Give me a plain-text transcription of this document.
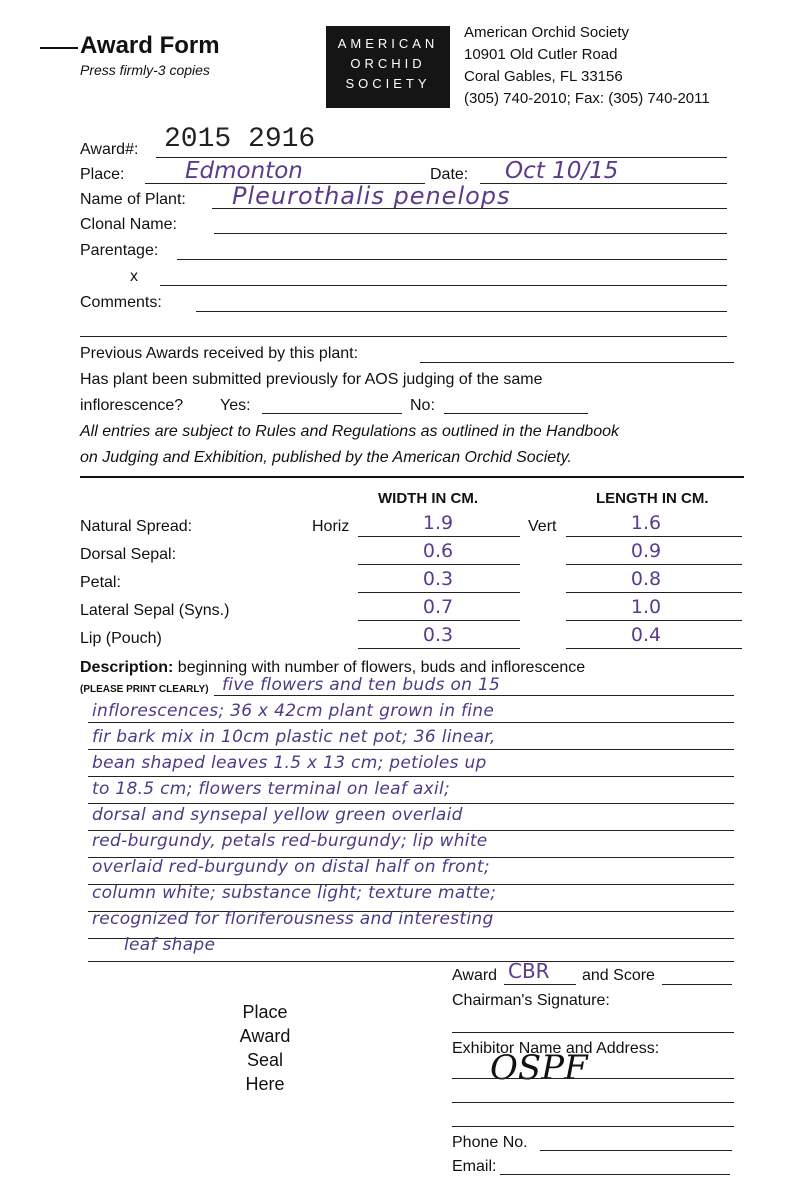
Award Form
Press firmly-3 copies
AMERICAN
ORCHID
SOCIETY
American Orchid Society
10901 Old Cutler Road
Coral Gables, FL 33156
(305) 740-2010; Fax: (305) 740-2011
Award#: 2015 2916
Place:	Edmonton	Date: Oct 10/15
Name of Plant: Pleurothalis penelops
Clonal Name:
Parentage:
x
Comments:
Previous Awards received by this plant:
Has plant been submitted previously for AOS judging of the same
inflorescence? Yes:	No:
All entries are subject to Rules and Regulations as outlined in the Handbook
on Judging and Exhibition, published by the American Orchid Society.
WIDTH IN CM.	LENGTH IN CM.
Natural Spread:	Horiz	1.9	Vert	1.6
Dorsal Sepal:	0.6	0.9
Petal:	0.3	0.8
Lateral Sepal (Syns.)	0.7	1.0
Lip (Pouch)	0.3	0.4
Description: beginning with number of flowers, buds and inflorescence
(PLEASE PRINT CLEARLY) five flowers and ten buds on 15
inflorescences; 36 x 42cm plant grown in fine
fir bark mix in 10cm plastic net pot; 36 linear,
bean shaped leaves 1.5 x 13 cm; petioles up
to 18.5 cm; flowers terminal on leaf axil;
dorsal and synsepal yellow green overlaid
red-burgundy, petals red-burgundy; lip white
overlaid red-burgundy on distal half on front;
column white; substance light; texture matte;
recognized for floriferousness and interesting
leaf shape
Award CBR and Score
Chairman's Signature:
Exhibitor Name and Address:
OSPF
Phone No.
Email:
Place
Award
Seal
Here
